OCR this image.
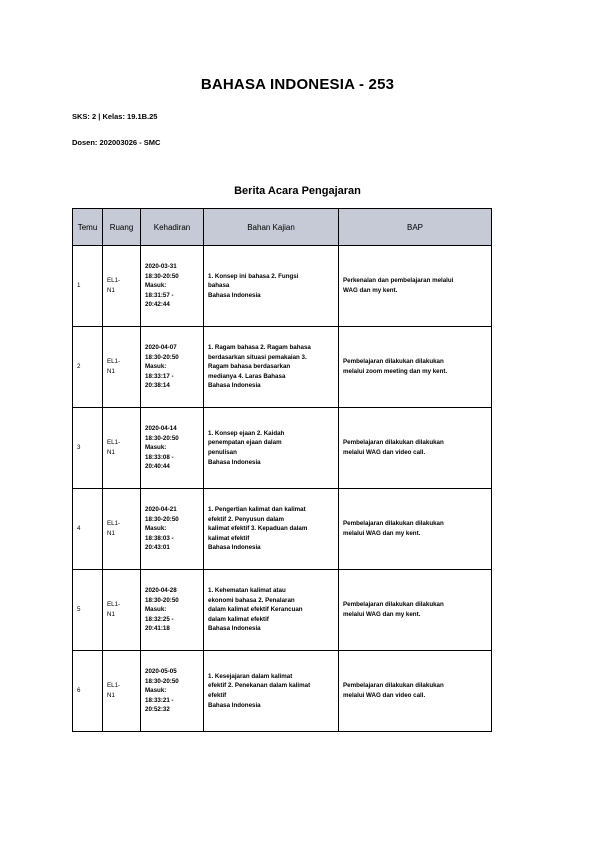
BAHASA INDONESIA - 253
SKS: 2 | Kelas: 19.1B.25
Dosen: 202003026 - SMC
Berita Acara Pengajaran
Temu	Ruang	Kehadiran	Bahan Kajian	BAP
1	EL1-
N1	2020-03-31
18:30-20:50
Masuk:
18:31:57 -
20:42:44	1. Konsep ini bahasa 2. Fungsi
bahasa
Bahasa Indonesia	Perkenalan dan pembelajaran melalui
WAG dan my kent.

2	EL1-
N1	2020-04-07
18:30-20:50
Masuk:
18:33:17 -
20:38:14	1. Ragam bahasa 2. Ragam bahasa
berdasarkan situasi pemakaian 3.
Ragam bahasa berdasarkan
medianya 4. Laras Bahasa
Bahasa Indonesia	Pembelajaran dilakukan dilakukan
melalui zoom meeting dan my kent.

3	EL1-
N1	2020-04-14
18:30-20:50
Masuk:
18:33:08 -
20:40:44	1. Konsep ejaan 2. Kaidah
penempatan ejaan dalam
penulisan
Bahasa Indonesia	Pembelajaran dilakukan dilakukan
melalui WAG dan video call.

4	EL1-
N1	2020-04-21
18:30-20:50
Masuk:
18:38:03 -
20:43:01	1. Pengertian kalimat dan kalimat
efektif 2. Penyusun dalam
kalimat efektif 3. Kepaduan dalam
kalimat efektif
Bahasa Indonesia	Pembelajaran dilakukan dilakukan
melalui WAG dan my kent.

5	EL1-
N1	2020-04-28
18:30-20:50
Masuk:
18:32:25 -
20:41:18	1. Kehematan kalimat atau
ekonomi bahasa 2. Penalaran
dalam kalimat efektif Kerancuan
dalam kalimat efektif
Bahasa Indonesia	Pembelajaran dilakukan dilakukan
melalui WAG dan my kent.

6	EL1-
N1	2020-05-05
18:30-20:50
Masuk:
18:33:21 -
20:52:32	1. Kesejajaran dalam kalimat
efektif 2. Penekanan dalam kalimat
efektif
Bahasa Indonesia	Pembelajaran dilakukan dilakukan
melalui WAG dan video call.
